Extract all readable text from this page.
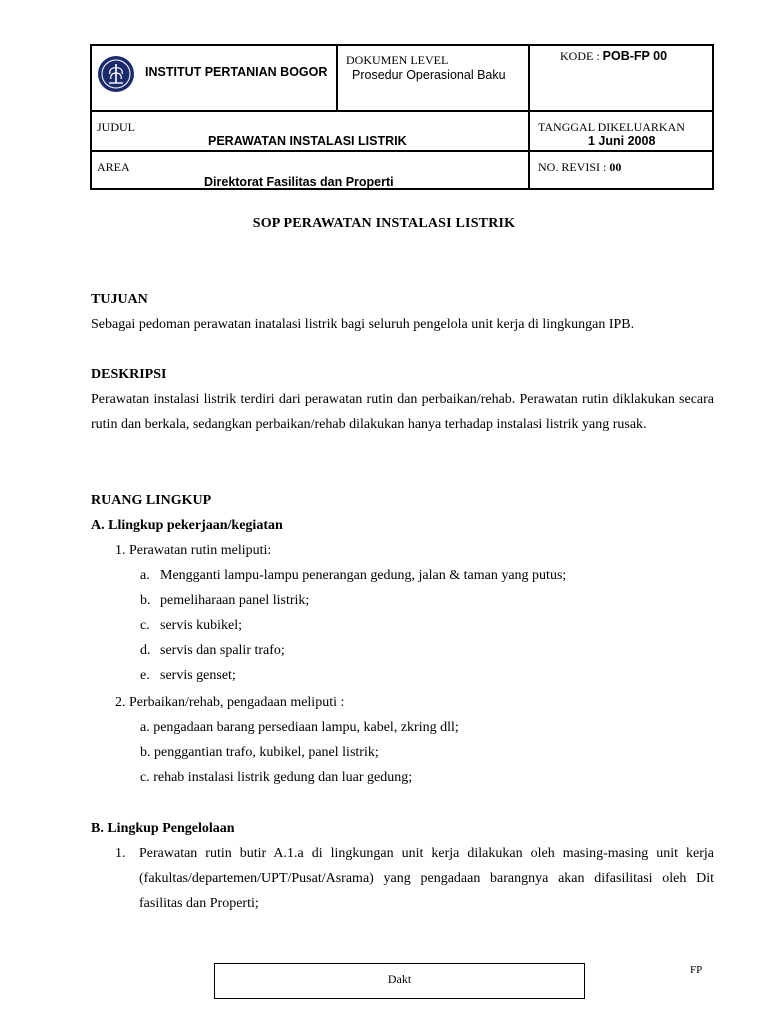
INSTITUT PERTANIAN BOGOR
DOKUMEN LEVEL
Prosedur Operasional Baku
KODE : POB-FP 00
JUDUL
PERAWATAN INSTALASI LISTRIK
TANGGAL DIKELUARKAN
1 Juni 2008
AREA
Direktorat Fasilitas dan Properti
NO. REVISI : 00
SOP PERAWATAN INSTALASI LISTRIK
TUJUAN
Sebagai pedoman perawatan inatalasi listrik bagi seluruh pengelola unit kerja di lingkungan IPB.
DESKRIPSI
Perawatan instalasi listrik terdiri dari perawatan rutin dan perbaikan/rehab. Perawatan rutin diklakukan secara rutin dan berkala, sedangkan perbaikan/rehab dilakukan hanya terhadap instalasi listrik yang rusak.
RUANG LINGKUP
A. Llingkup pekerjaan/kegiatan
1. Perawatan rutin meliputi:
a. Mengganti lampu-lampu penerangan gedung, jalan & taman yang putus;
b. pemeliharaan panel listrik;
c. servis kubikel;
d. servis dan spalir trafo;
e. servis genset;
2. Perbaikan/rehab, pengadaan meliputi :
a. pengadaan barang persediaan lampu, kabel, zkring dll;
b. penggantian trafo, kubikel, panel listrik;
c. rehab instalasi listrik gedung dan luar gedung;
B. Lingkup Pengelolaan
1. Perawatan rutin butir A.1.a di lingkungan unit kerja dilakukan oleh masing-masing unit kerja (fakultas/departemen/UPT/Pusat/Asrama) yang pengadaan barangnya akan difasilitasi oleh Dit fasilitas dan Properti;
Dakt
FP
